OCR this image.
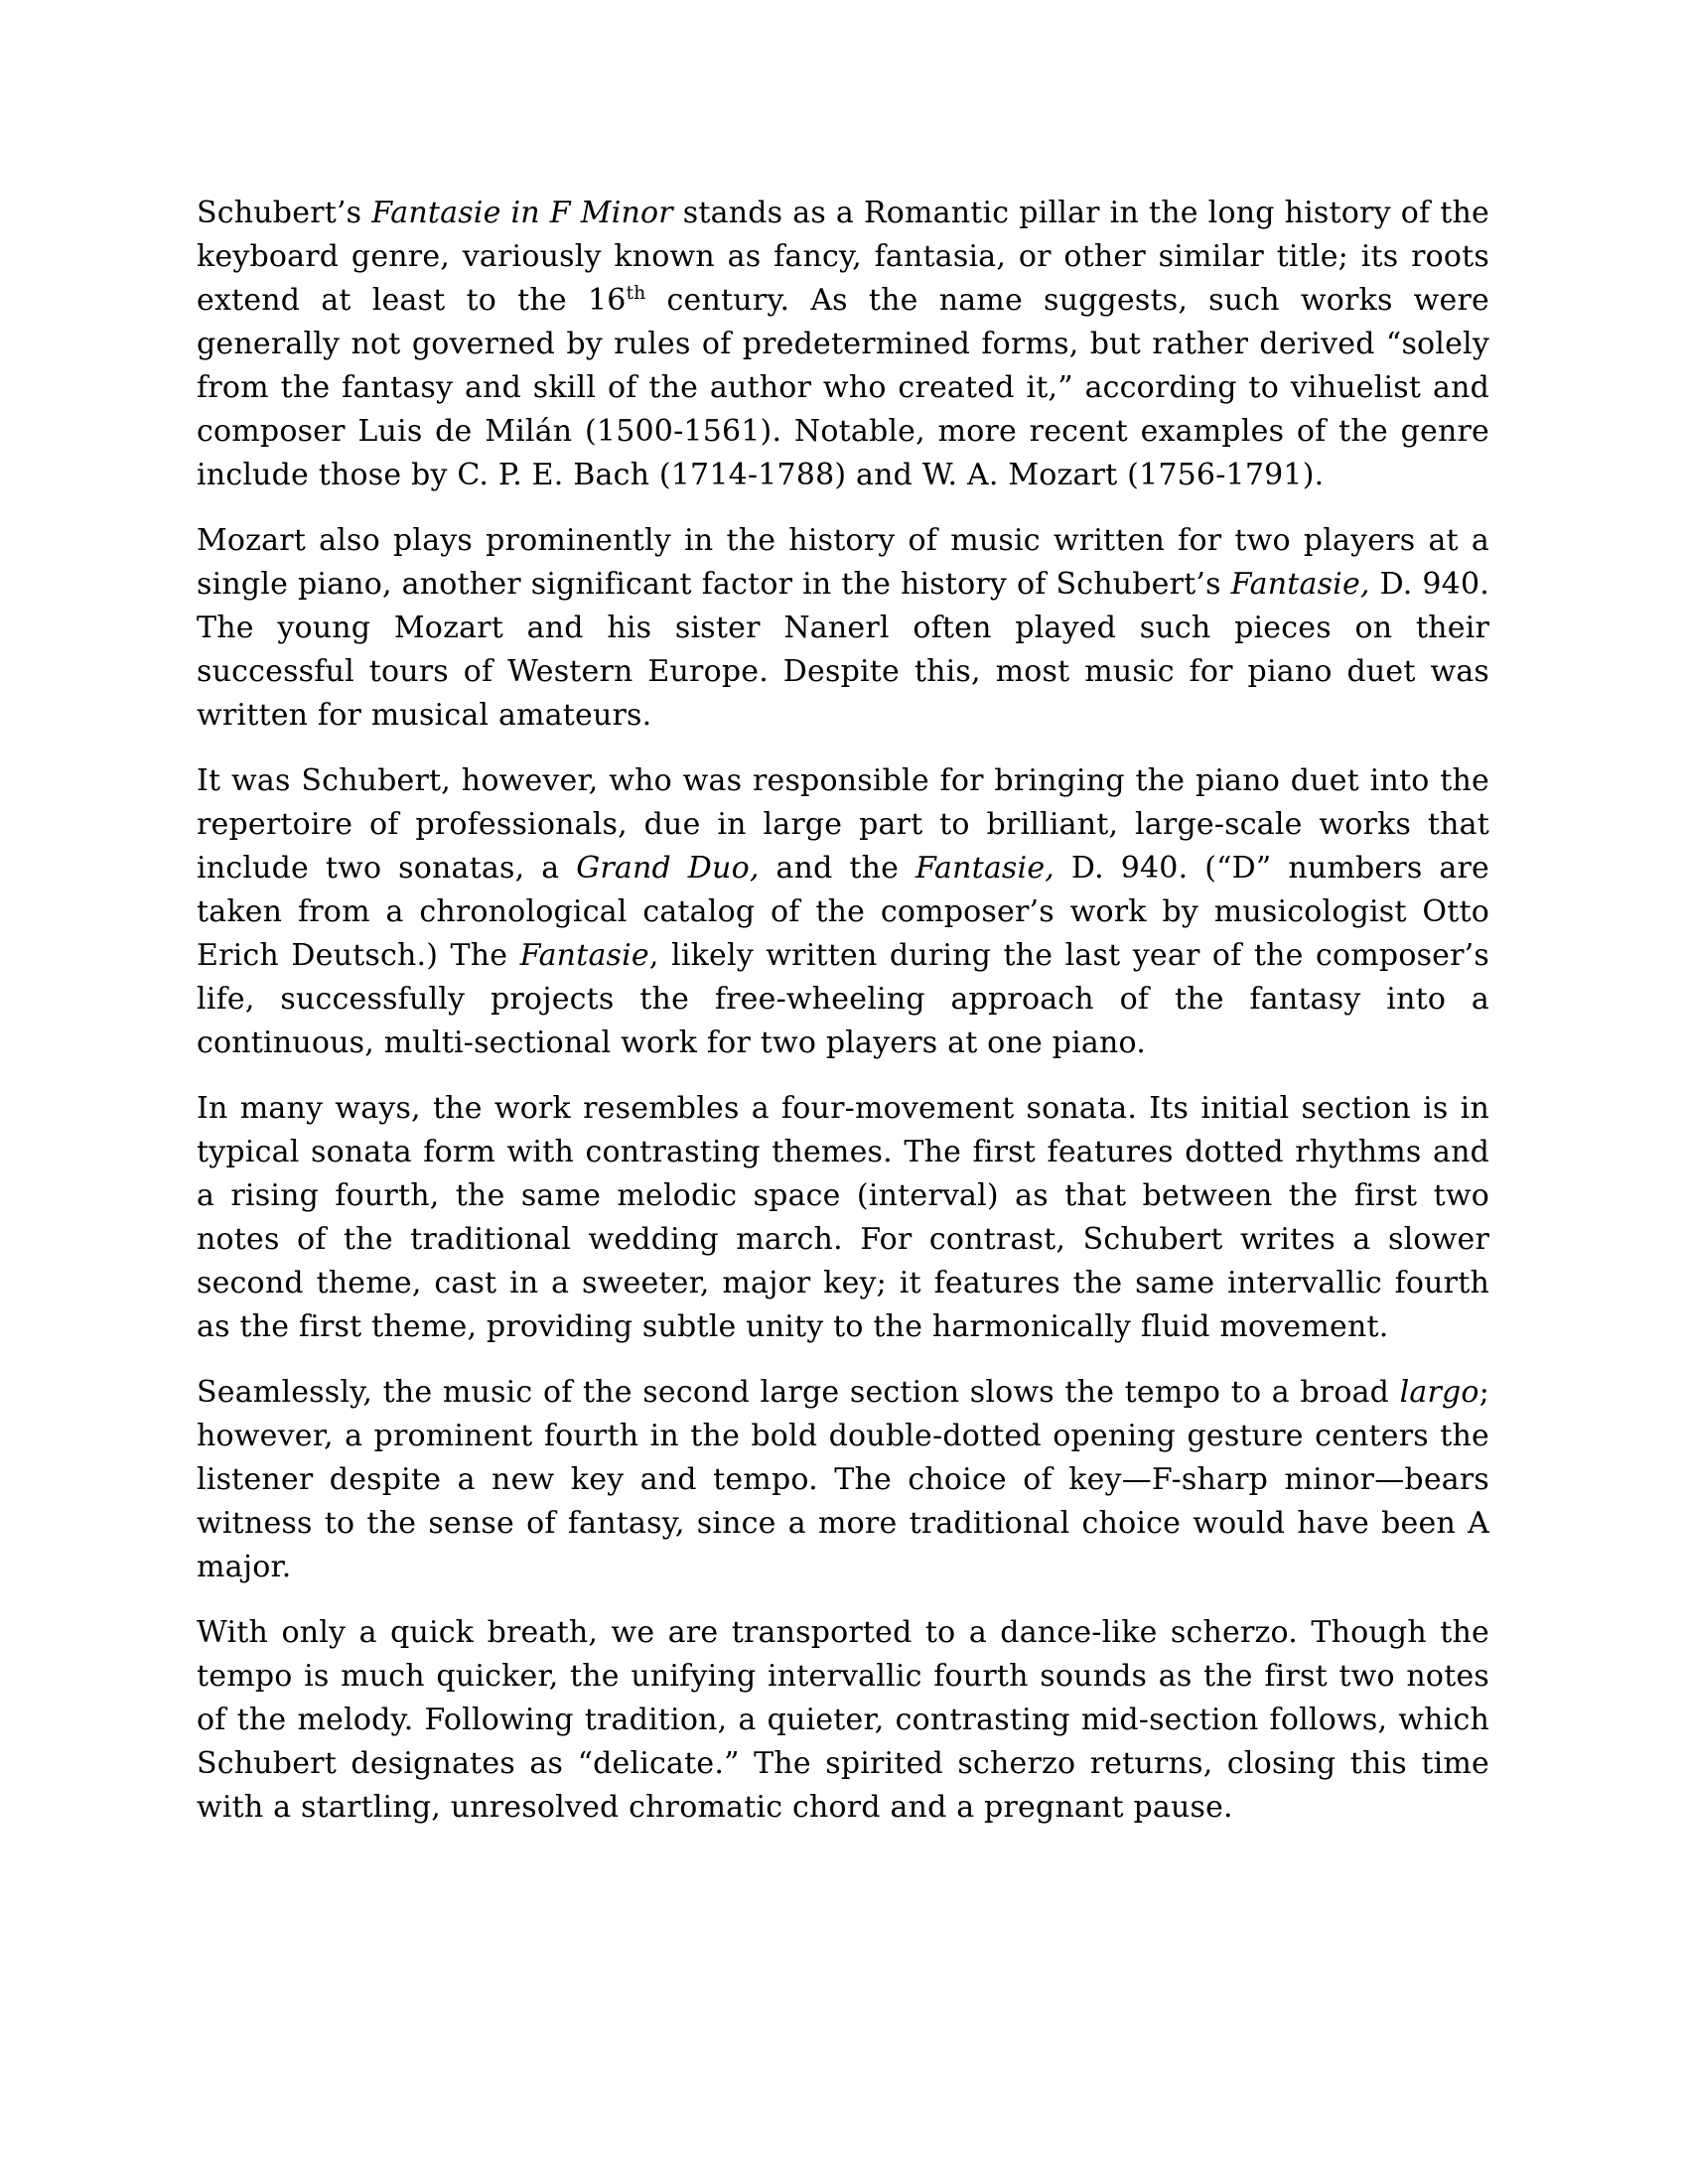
Schubert’s Fantasie in F Minor stands as a Romantic pillar in the long history of the keyboard genre, variously known as fancy, fantasia, or other similar title; its roots extend at least to the 16th century. As the name suggests, such works were generally not governed by rules of predetermined forms, but rather derived “solely from the fantasy and skill of the author who created it,” according to vihuelist and composer Luis de Milán (1500-1561). Notable, more recent examples of the genre include those by C. P. E. Bach (1714-1788) and W. A. Mozart (1756-1791).

Mozart also plays prominently in the history of music written for two players at a single piano, another significant factor in the history of Schubert’s Fantasie, D. 940. The young Mozart and his sister Nanerl often played such pieces on their successful tours of Western Europe. Despite this, most music for piano duet was written for musical amateurs.

It was Schubert, however, who was responsible for bringing the piano duet into the repertoire of professionals, due in large part to brilliant, large-scale works that include two sonatas, a Grand Duo, and the Fantasie, D. 940. (“D” numbers are taken from a chronological catalog of the composer’s work by musicologist Otto Erich Deutsch.) The Fantasie, likely written during the last year of the composer’s life, successfully projects the free-wheeling approach of the fantasy into a continuous, multi-sectional work for two players at one piano.

In many ways, the work resembles a four-movement sonata. Its initial section is in typical sonata form with contrasting themes. The first features dotted rhythms and a rising fourth, the same melodic space (interval) as that between the first two notes of the traditional wedding march. For contrast, Schubert writes a slower second theme, cast in a sweeter, major key; it features the same intervallic fourth as the first theme, providing subtle unity to the harmonically fluid movement.

Seamlessly, the music of the second large section slows the tempo to a broad largo; however, a prominent fourth in the bold double-dotted opening gesture centers the listener despite a new key and tempo. The choice of key—F-sharp minor—bears witness to the sense of fantasy, since a more traditional choice would have been A major.

With only a quick breath, we are transported to a dance-like scherzo. Though the tempo is much quicker, the unifying intervallic fourth sounds as the first two notes of the melody. Following tradition, a quieter, contrasting mid-section follows, which Schubert designates as “delicate.” The spirited scherzo returns, closing this time with a startling, unresolved chromatic chord and a pregnant pause.
